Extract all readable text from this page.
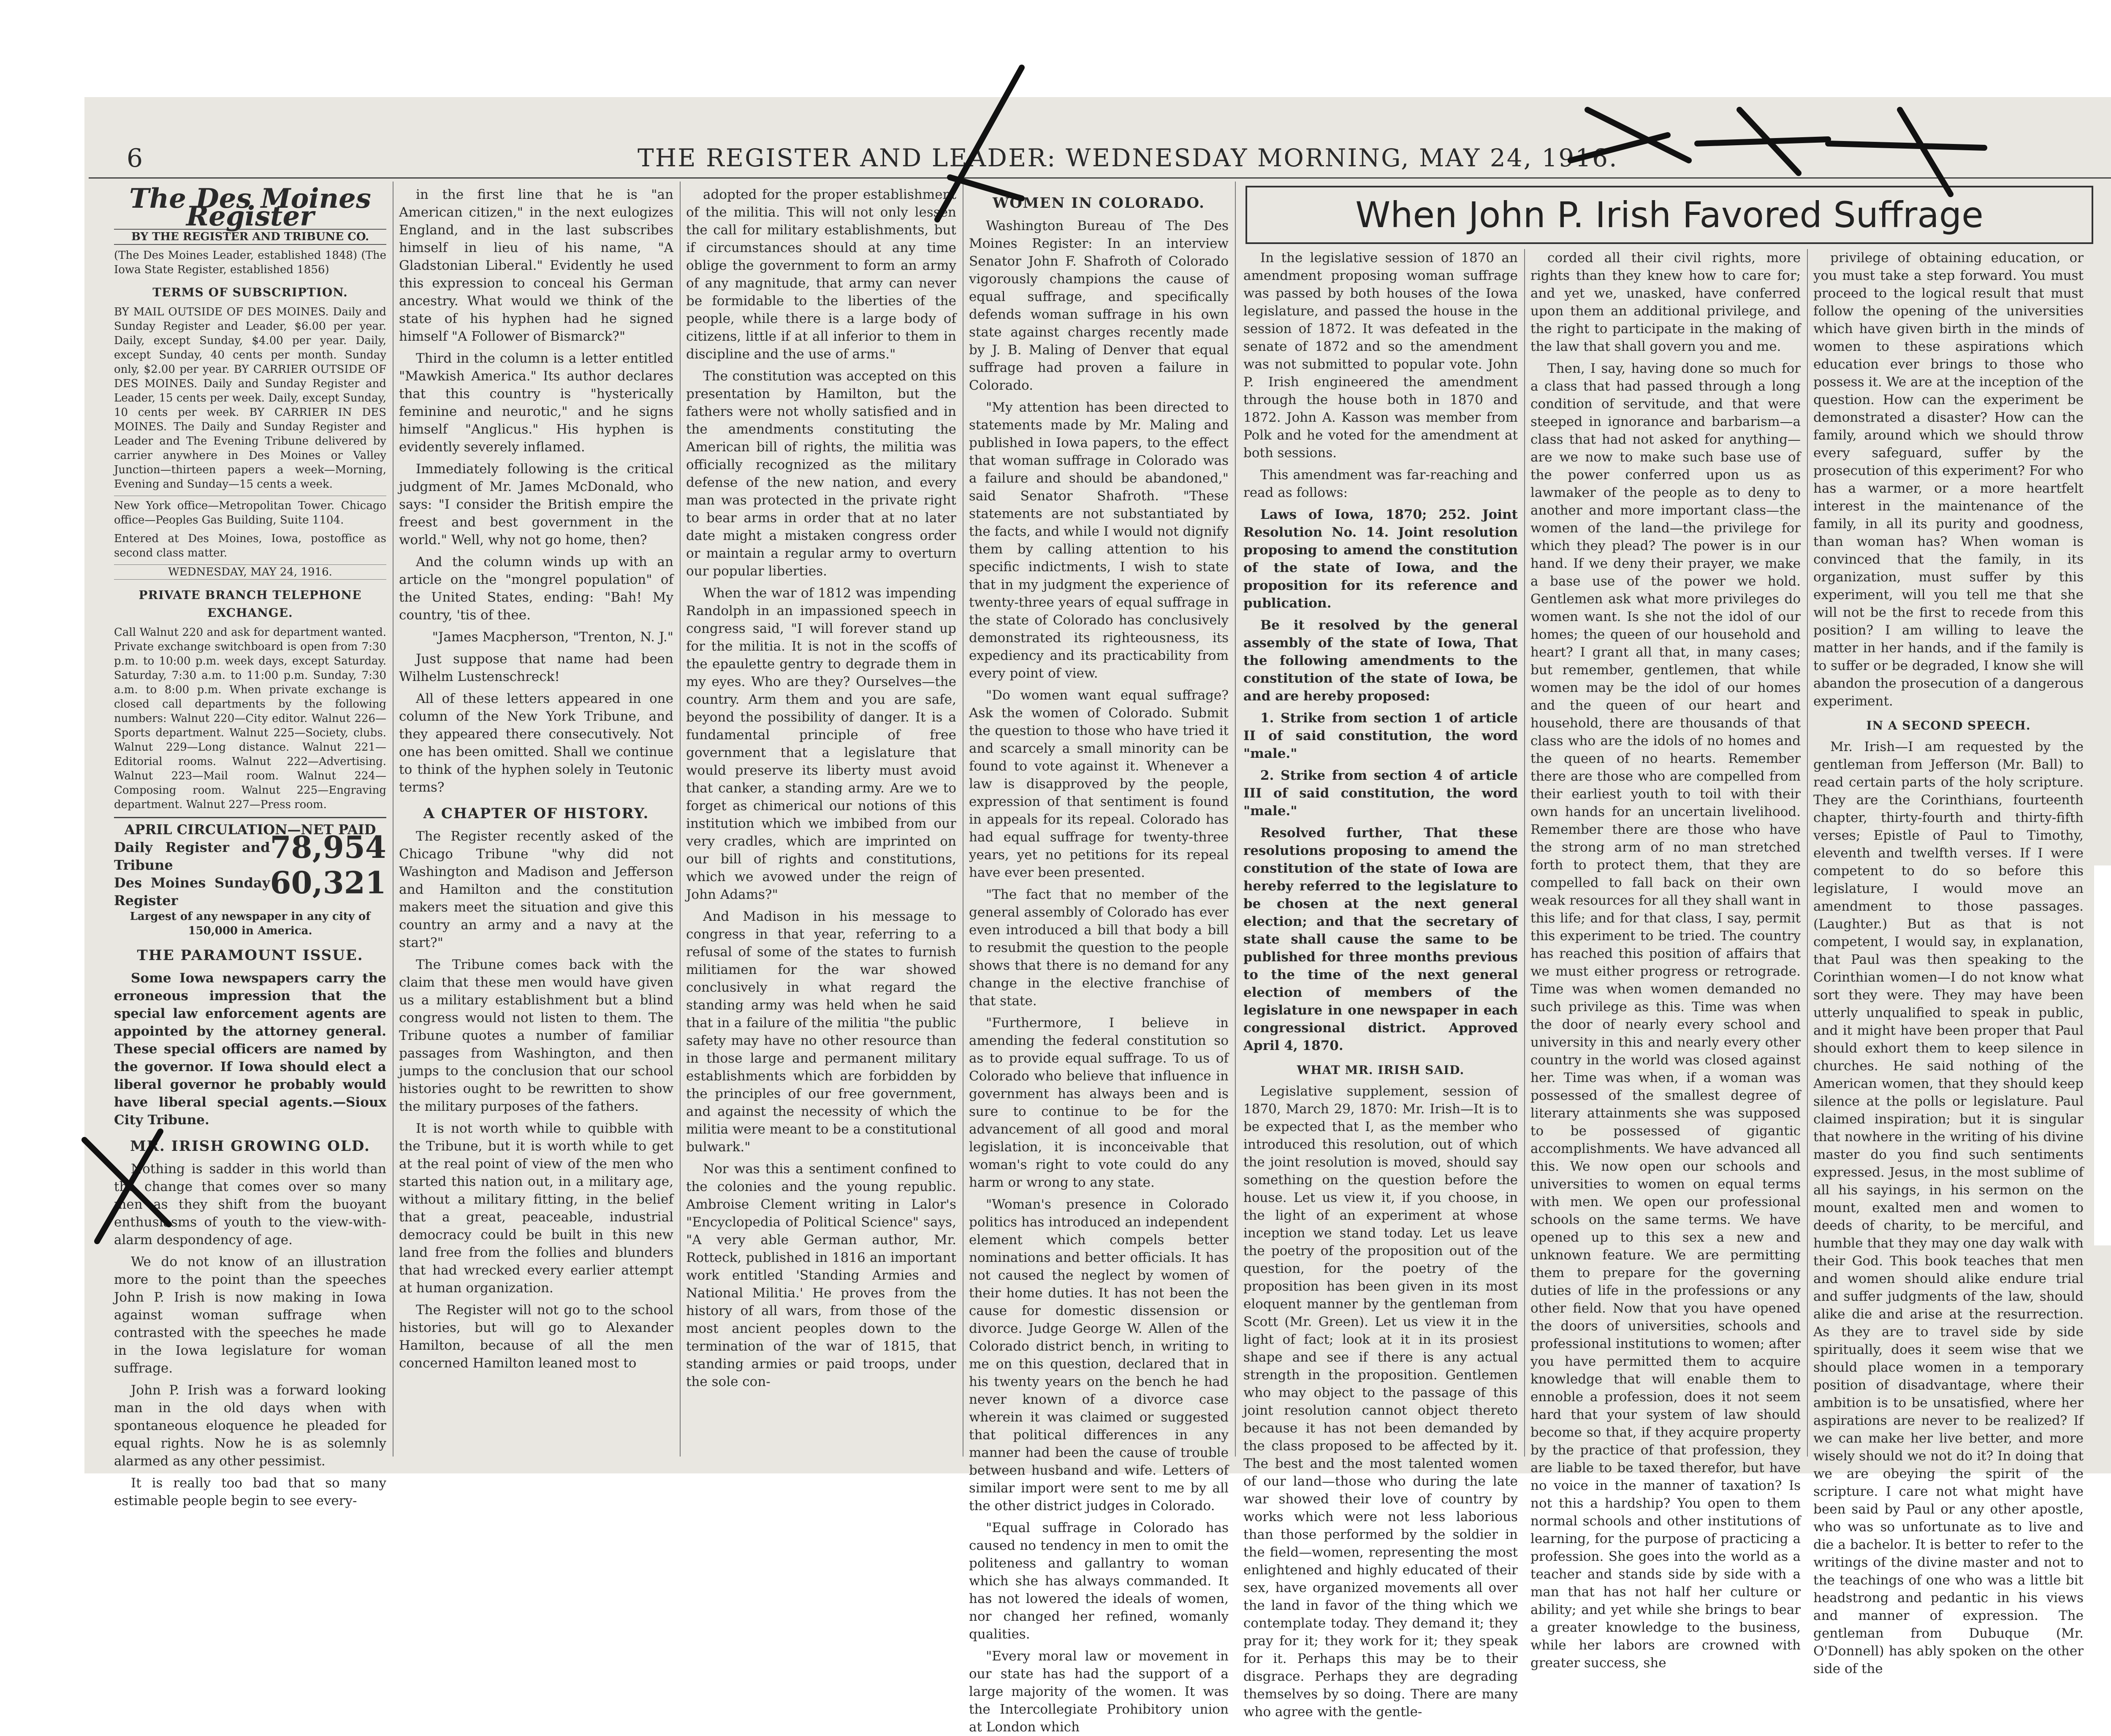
6	THE REGISTER AND LEADER: WEDNESDAY MORNING, MAY 24, 1916.
The Des Moines Register
BY THE REGISTER AND TRIBUNE CO.
(The Des Moines Leader, established 1848) (The Iowa State Register, established 1856)
TERMS OF SUBSCRIPTION.
BY MAIL OUTSIDE OF DES MOINES. Daily and Sunday Register and Leader, $6.00 per year. Daily, except Sunday, $4.00 per year. Daily, except Sunday, 40 cents per month. Sunday only, $2.00 per year. BY CARRIER OUTSIDE OF DES MOINES. Daily and Sunday Register and Leader, 15 cents per week. Daily, except Sunday, 10 cents per week. BY CARRIER IN DES MOINES. The Daily and Sunday Register and Leader and The Evening Tribune delivered by carrier anywhere in Des Moines or Valley Junction—thirteen papers a week—Morning, Evening and Sunday—15 cents a week.
New York office—Metropolitan Tower. Chicago office—Peoples Gas Building, Suite 1104.
Entered at Des Moines, Iowa, postoffice as second class matter.
WEDNESDAY, MAY 24, 1916.
PRIVATE BRANCH TELEPHONE EXCHANGE.
Call Walnut 220 and ask for department wanted. Private exchange switchboard is open from 7:30 p.m. to 10:00 p.m. week days, except Saturday. Saturday, 7:30 a.m. to 11:00 p.m. Sunday, 7:30 a.m. to 8:00 p.m. When private exchange is closed call departments by the following numbers: Walnut 220—City editor. Walnut 226—Sports department. Walnut 225—Society, clubs. Walnut 229—Long distance. Walnut 221—Editorial rooms. Walnut 222—Advertising. Walnut 223—Mail room. Walnut 224—Composing room. Walnut 225—Engraving department. Walnut 227—Press room.
APRIL CIRCULATION—NET PAID
78,954
Daily Register and Tribune	60,321
Des Moines Sunday Register
Largest of any newspaper in any city of 150,000 in America.
THE PARAMOUNT ISSUE.

Some Iowa newspapers carry the erroneous impression that the special law enforcement agents are appointed by the attorney general. These special officers are named by the governor. If Iowa should elect a liberal governor he probably would have liberal special agents.—Sioux City Tribune.

MR. IRISH GROWING OLD.

Nothing is sadder in this world than the change that comes over so many men as they shift from the buoyant enthusiasms of youth to the view-with-alarm despondency of age.

We do not know of an illustration more to the point than the speeches John P. Irish is now making in Iowa against woman suffrage when contrasted with the speeches he made in the Iowa legislature for woman suffrage.

John P. Irish was a forward looking man in the old days when with spontaneous eloquence he pleaded for equal rights. Now he is as solemnly alarmed as any other pessimist.

It is really too bad that so many estimable people begin to see every-

in the first line that he is "an American citizen," in the next eulogizes England, and in the last subscribes himself in lieu of his name, "A Gladstonian Liberal." Evidently he used this expression to conceal his German ancestry. What would we think of the state of his hyphen had he signed himself "A Follower of Bismarck?"

Third in the column is a letter entitled "Mawkish America." Its author declares that this country is "hysterically feminine and neurotic," and he signs himself "Anglicus." His hyphen is evidently severely inflamed.

Immediately following is the critical judgment of Mr. James McDonald, who says: "I consider the British empire the freest and best government in the world." Well, why not go home, then?

And the column winds up with an article on the "mongrel population" of the United States, ending: "Bah! My country, 'tis of thee.

"James Macpherson, "Trenton, N. J."

Just suppose that name had been Wilhelm Lustenschreck!

All of these letters appeared in one column of the New York Tribune, and they appeared there consecutively. Not one has been omitted. Shall we continue to think of the hyphen solely in Teutonic terms?

A CHAPTER OF HISTORY.

The Register recently asked of the Chicago Tribune "why did not Washington and Madison and Jefferson and Hamilton and the constitution makers meet the situation and give this country an army and a navy at the start?"

The Tribune comes back with the claim that these men would have given us a military establishment but a blind congress would not listen to them. The Tribune quotes a number of familiar passages from Washington, and then jumps to the conclusion that our school histories ought to be rewritten to show the military purposes of the fathers.

It is not worth while to quibble with the Tribune, but it is worth while to get at the real point of view of the men who started this nation out, in a military age, without a military fitting, in the belief that a great, peaceable, industrial democracy could be built in this new land free from the follies and blunders that had wrecked every earlier attempt at human organization.

The Register will not go to the school histories, but will go to Alexander Hamilton, because of all the men concerned Hamilton leaned most to

adopted for the proper establishment of the militia. This will not only lessen the call for military establishments, but if circumstances should at any time oblige the government to form an army of any magnitude, that army can never be formidable to the liberties of the people, while there is a large body of citizens, little if at all inferior to them in discipline and the use of arms."

The constitution was accepted on this presentation by Hamilton, but the fathers were not wholly satisfied and in the amendments constituting the American bill of rights, the militia was officially recognized as the military defense of the new nation, and every man was protected in the private right to bear arms in order that at no later date might a mistaken congress order or maintain a regular army to overturn our popular liberties.

When the war of 1812 was impending Randolph in an impassioned speech in congress said, "I will forever stand up for the militia. It is not in the scoffs of the epaulette gentry to degrade them in my eyes. Who are they? Ourselves—the country. Arm them and you are safe, beyond the possibility of danger. It is a fundamental principle of free government that a legislature that would preserve its liberty must avoid that canker, a standing army. Are we to forget as chimerical our notions of this institution which we imbibed from our very cradles, which are imprinted on our bill of rights and constitutions, which we avowed under the reign of John Adams?"

And Madison in his message to congress in that year, referring to a refusal of some of the states to furnish militiamen for the war showed conclusively in what regard the standing army was held when he said that in a failure of the militia "the public safety may have no other resource than in those large and permanent military establishments which are forbidden by the principles of our free government, and against the necessity of which the militia were meant to be a constitutional bulwark."

Nor was this a sentiment confined to the colonies and the young republic. Ambroise Clement writing in Lalor's "Encyclopedia of Political Science" says, "A very able German author, Mr. Rotteck, published in 1816 an important work entitled 'Standing Armies and National Militia.' He proves from the history of all wars, from those of the most ancient peoples down to the termination of the war of 1815, that standing armies or paid troops, under the sole con-

WOMEN IN COLORADO.

Washington Bureau of The Des Moines Register: In an interview Senator John F. Shafroth of Colorado vigorously champions the cause of equal suffrage, and specifically defends woman suffrage in his own state against charges recently made by J. B. Maling of Denver that equal suffrage had proven a failure in Colorado.

"My attention has been directed to statements made by Mr. Maling and published in Iowa papers, to the effect that woman suffrage in Colorado was a failure and should be abandoned," said Senator Shafroth. "These statements are not substantiated by the facts, and while I would not dignify them by calling attention to his specific indictments, I wish to state that in my judgment the experience of twenty-three years of equal suffrage in the state of Colorado has conclusively demonstrated its righteousness, its expediency and its practicability from every point of view.

"Do women want equal suffrage? Ask the women of Colorado. Submit the question to those who have tried it and scarcely a small minority can be found to vote against it. Whenever a law is disapproved by the people, expression of that sentiment is found in appeals for its repeal. Colorado has had equal suffrage for twenty-three years, yet no petitions for its repeal have ever been presented.

"The fact that no member of the general assembly of Colorado has ever even introduced a bill that body a bill to resubmit the question to the people shows that there is no demand for any change in the elective franchise of that state.

"Furthermore, I believe in amending the federal constitution so as to provide equal suffrage. To us of Colorado who believe that influence in government has always been and is sure to continue to be for the advancement of all good and moral legislation, it is inconceivable that woman's right to vote could do any harm or wrong to any state.

"Woman's presence in Colorado politics has introduced an independent element which compels better nominations and better officials. It has not caused the neglect by women of their home duties. It has not been the cause for domestic dissension or divorce. Judge George W. Allen of the Colorado district bench, in writing to me on this question, declared that in his twenty years on the bench he had never known of a divorce case wherein it was claimed or suggested that political differences in any manner had been the cause of trouble between husband and wife. Letters of similar import were sent to me by all the other district judges in Colorado.

"Equal suffrage in Colorado has caused no tendency in men to omit the politeness and gallantry to woman which she has always commanded. It has not lowered the ideals of women, nor changed her refined, womanly qualities.

"Every moral law or movement in our state has had the support of a large majority of the women. It was the Intercollegiate Prohibitory union at London which

When John P. Irish Favored Suffrage

In the legislative session of 1870 an amendment proposing woman suffrage was passed by both houses of the Iowa legislature, and passed the house in the session of 1872. It was defeated in the senate of 1872 and so the amendment was not submitted to popular vote. John P. Irish engineered the amendment through the house both in 1870 and 1872. John A. Kasson was member from Polk and he voted for the amendment at both sessions.

This amendment was far-reaching and read as follows:

Laws of Iowa, 1870; 252. Joint Resolution No. 14. Joint resolution proposing to amend the constitution of the state of Iowa, and the proposition for its reference and publication.

Be it resolved by the general assembly of the state of Iowa, That the following amendments to the constitution of the state of Iowa, be and are hereby proposed:

1. Strike from section 1 of article II of said constitution, the word "male."

2. Strike from section 4 of article III of said constitution, the word "male."

Resolved further, That these resolutions proposing to amend the constitution of the state of Iowa are hereby referred to the legislature to be chosen at the next general election; and that the secretary of state shall cause the same to be published for three months previous to the time of the next general election of members of the legislature in one newspaper in each congressional district. Approved April 4, 1870.

WHAT MR. IRISH SAID.

Legislative supplement, session of 1870, March 29, 1870: Mr. Irish—It is to be expected that I, as the member who introduced this resolution, out of which the joint resolution is moved, should say something on the question before the house. Let us view it, if you choose, in the light of an experiment at whose inception we stand today. Let us leave the poetry of the proposition out of the question, for the poetry of the proposition has been given in its most eloquent manner by the gentleman from Scott (Mr. Green). Let us view it in the light of fact; look at it in its prosiest shape and see if there is any actual strength in the proposition. Gentlemen who may object to the passage of this joint resolution cannot object thereto because it has not been demanded by the class proposed to be affected by it. The best and the most talented women of our land—those who during the late war showed their love of country by works which were not less laborious than those performed by the soldier in the field—women, representing the most enlightened and highly educated of their sex, have organized movements all over the land in favor of the thing which we contemplate today. They demand it; they pray for it; they work for it; they speak for it. Perhaps this may be to their disgrace. Perhaps they are degrading themselves by so doing. There are many who agree with the gentle-

corded all their civil rights, more rights than they knew how to care for; and yet we, unasked, have conferred upon them an additional privilege, and the right to participate in the making of the law that shall govern you and me.

Then, I say, having done so much for a class that had passed through a long condition of servitude, and that were steeped in ignorance and barbarism—a class that had not asked for anything—are we now to make such base use of the power conferred upon us as lawmaker of the people as to deny to another and more important class—the women of the land—the privilege for which they plead? The power is in our hand. If we deny their prayer, we make a base use of the power we hold. Gentlemen ask what more privileges do women want. Is she not the idol of our homes; the queen of our household and heart? I grant all that, in many cases; but remember, gentlemen, that while women may be the idol of our homes and the queen of our heart and household, there are thousands of that class who are the idols of no homes and the queen of no hearts. Remember there are those who are compelled from their earliest youth to toil with their own hands for an uncertain livelihood. Remember there are those who have the strong arm of no man stretched forth to protect them, that they are compelled to fall back on their own weak resources for all they shall want in this life; and for that class, I say, permit this experiment to be tried. The country has reached this position of affairs that we must either progress or retrograde. Time was when women demanded no such privilege as this. Time was when the door of nearly every school and university in this and nearly every other country in the world was closed against her. Time was when, if a woman was possessed of the smallest degree of literary attainments she was supposed to be possessed of gigantic accomplishments. We have advanced all this. We now open our schools and universities to women on equal terms with men. We open our professional schools on the same terms. We have opened up to this sex a new and unknown feature. We are permitting them to prepare for the governing duties of life in the professions or any other field. Now that you have opened the doors of universities, schools and professional institutions to women; after you have permitted them to acquire knowledge that will enable them to ennoble a profession, does it not seem hard that your system of law should become so that, if they acquire property by the practice of that profession, they are liable to be taxed therefor, but have no voice in the manner of taxation? Is not this a hardship? You open to them normal schools and other institutions of learning, for the purpose of practicing a profession. She goes into the world as a teacher and stands side by side with a man that has not half her culture or ability; and yet while she brings to bear a greater knowledge to the business, while her labors are crowned with greater success, she

privilege of obtaining education, or you must take a step forward. You must proceed to the logical result that must follow the opening of the universities which have given birth in the minds of women to these aspirations which education ever brings to those who possess it. We are at the inception of the question. How can the experiment be demonstrated a disaster? How can the family, around which we should throw every safeguard, suffer by the prosecution of this experiment? For who has a warmer, or a more heartfelt interest in the maintenance of the family, in all its purity and goodness, than woman has? When woman is convinced that the family, in its organization, must suffer by this experiment, will you tell me that she will not be the first to recede from this position? I am willing to leave the matter in her hands, and if the family is to suffer or be degraded, I know she will abandon the prosecution of a dangerous experiment.

IN A SECOND SPEECH.

Mr. Irish—I am requested by the gentleman from Jefferson (Mr. Ball) to read certain parts of the holy scripture. They are the Corinthians, fourteenth chapter, thirty-fourth and thirty-fifth verses; Epistle of Paul to Timothy, eleventh and twelfth verses. If I were competent to do so before this legislature, I would move an amendment to those passages. (Laughter.) But as that is not competent, I would say, in explanation, that Paul was then speaking to the Corinthian women—I do not know what sort they were. They may have been utterly unqualified to speak in public, and it might have been proper that Paul should exhort them to keep silence in churches. He said nothing of the American women, that they should keep silence at the polls or legislature. Paul claimed inspiration; but it is singular that nowhere in the writing of his divine master do you find such sentiments expressed. Jesus, in the most sublime of all his sayings, in his sermon on the mount, exalted men and women to deeds of charity, to be merciful, and humble that they may one day walk with their God. This book teaches that men and women should alike endure trial and suffer judgments of the law, should alike die and arise at the resurrection. As they are to travel side by side spiritually, does it seem wise that we should place women in a temporary position of disadvantage, where their ambition is to be unsatisfied, where her aspirations are never to be realized? If we can make her live better, and more wisely should we not do it? In doing that we are obeying the spirit of the scripture. I care not what might have been said by Paul or any other apostle, who was so unfortunate as to live and die a bachelor. It is better to refer to the writings of the divine master and not to the teachings of one who was a little bit headstrong and pedantic in his views and manner of expression. The gentleman from Dubuque (Mr. O'Donnell) has ably spoken on the other side of the
